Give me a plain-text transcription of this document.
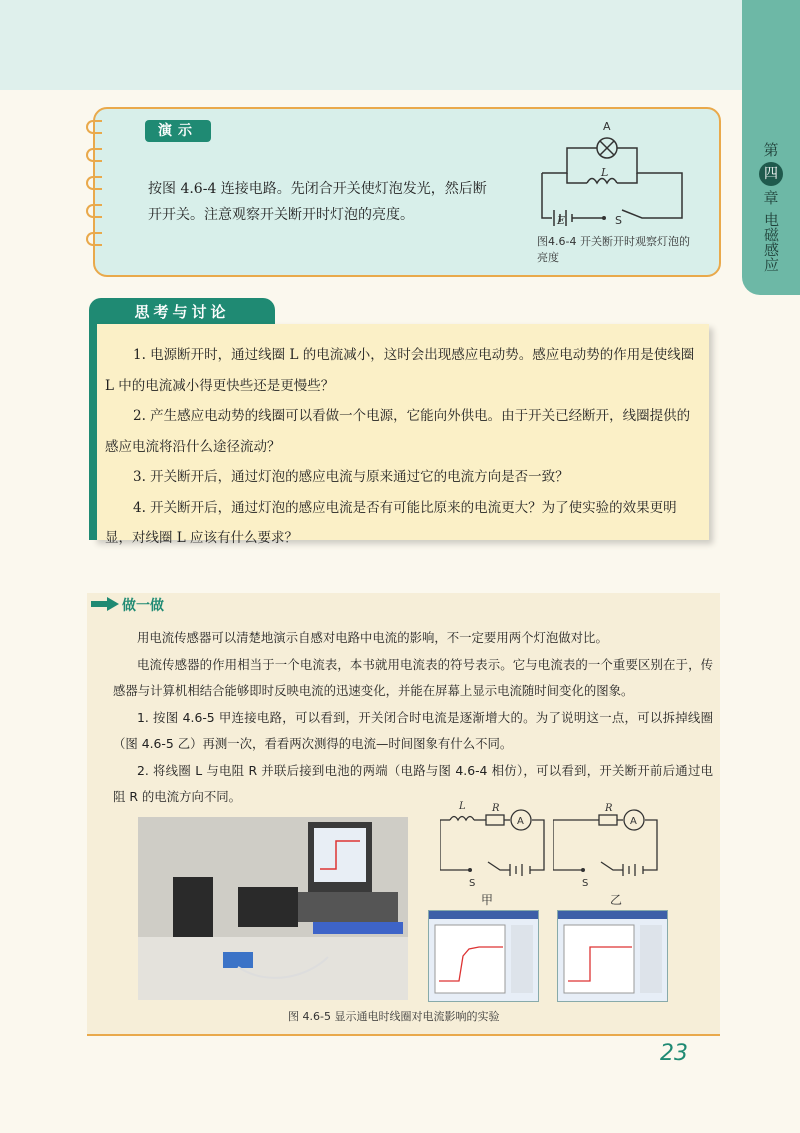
第
四
章
电磁感应
演示
按图 4.6-4 连接电路。先闭合开关使灯泡发光，然后断开开关。注意观察开关断开时灯泡的亮度。
A
L
E	S
图4.6-4 开关断开时观察灯泡的亮度
思考与讨论

1. 电源断开时，通过线圈 L 的电流减小，这时会出现感应电动势。感应电动势的作用是使线圈 L 中的电流减小得更快些还是更慢些？

2. 产生感应电动势的线圈可以看做一个电源，它能向外供电。由于开关已经断开，线圈提供的感应电流将沿什么途径流动？

3. 开关断开后，通过灯泡的感应电流与原来通过它的电流方向是否一致？

4. 开关断开后，通过灯泡的感应电流是否有可能比原来的电流更大？为了使实验的效果更明显，对线圈 L 应该有什么要求？

做一做

用电流传感器可以清楚地演示自感对电路中电流的影响，不一定要用两个灯泡做对比。

电流传感器的作用相当于一个电流表，本书就用电流表的符号表示。它与电流表的一个重要区别在于，传感器与计算机相结合能够即时反映电流的迅速变化，并能在屏幕上显示电流随时间变化的图象。

1. 按图 4.6-5 甲连接电路，可以看到，开关闭合时电流是逐渐增大的。为了说明这一点，可以拆掉线圈（图 4.6-5 乙）再测一次，看看两次测得的电流—时间图象有什么不同。

2. 将线圈 L 与电阻 R 并联后接到电池的两端（电路与图 4.6-4 相仿），可以看到，开关断开前后通过电阻 R 的电流方向不同。

L	R
A
S
R
A
S
甲	乙
图 4.6-5 显示通电时线圈对电流影响的实验
23
